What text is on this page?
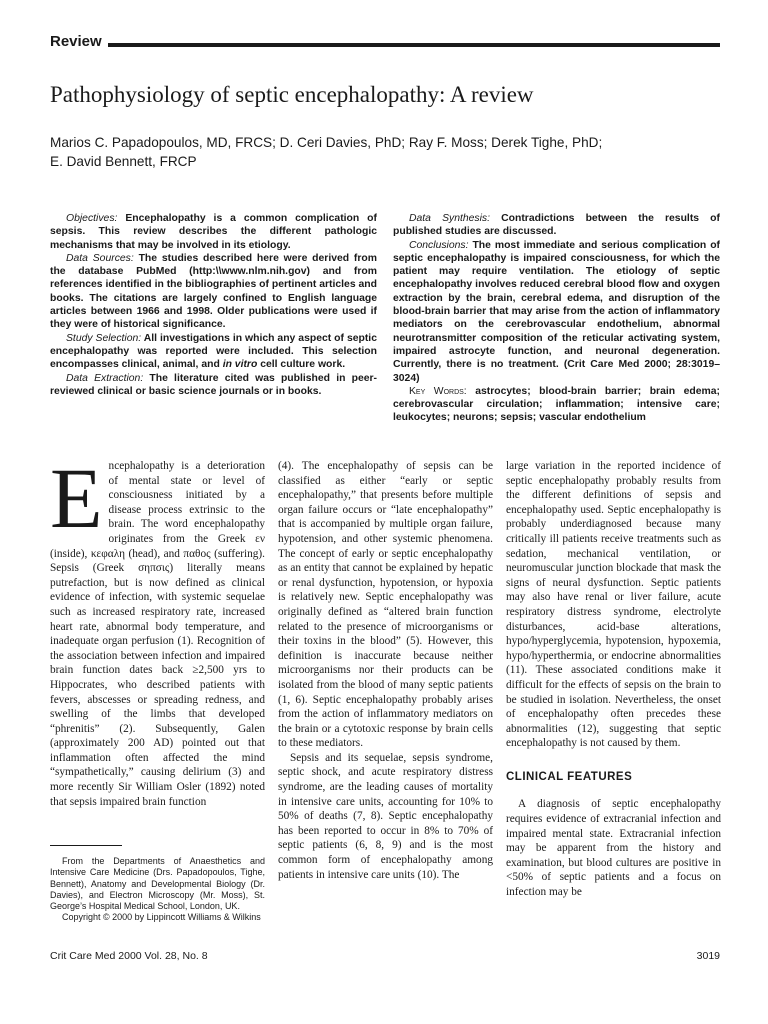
Review
Pathophysiology of septic encephalopathy: A review
Marios C. Papadopoulos, MD, FRCS; D. Ceri Davies, PhD; Ray F. Moss; Derek Tighe, PhD;
E. David Bennett, FRCP

Objectives: Encephalopathy is a common complication of sepsis. This review describes the different pathologic mechanisms that may be involved in its etiology.

Data Sources: The studies described here were derived from the database PubMed (http:\\www.nlm.nih.gov) and from references identified in the bibliographies of pertinent articles and books. The citations are largely confined to English language articles between 1966 and 1998. Older publications were used if they were of historical significance.

Study Selection: All investigations in which any aspect of septic encephalopathy was reported were included. This selection encompasses clinical, animal, and in vitro cell culture work.

Data Extraction: The literature cited was published in peer-reviewed clinical or basic science journals or in books.

Data Synthesis: Contradictions between the results of published studies are discussed.

Conclusions: The most immediate and serious complication of septic encephalopathy is impaired consciousness, for which the patient may require ventilation. The etiology of septic encephalopathy involves reduced cerebral blood flow and oxygen extraction by the brain, cerebral edema, and disruption of the blood-brain barrier that may arise from the action of inflammatory mediators on the cerebrovascular endothelium, abnormal neurotransmitter composition of the reticular activating system, impaired astrocyte function, and neuronal degeneration. Currently, there is no treatment. (Crit Care Med 2000; 28:3019–3024)

Key Words: astrocytes; blood-brain barrier; brain edema; cerebrovascular circulation; inflammation; intensive care; leukocytes; neurons; sepsis; vascular endothelium

Encephalopathy is a deterioration of mental state or level of consciousness initiated by a disease process extrinsic to the brain. The word encephalopathy originates from the Greek εν (inside), κεφαλη (head), and παθος (suffering). Sepsis (Greek σηπσις) literally means putrefaction, but is now defined as clinical evidence of infection, with systemic sequelae such as increased respiratory rate, increased heart rate, abnormal body temperature, and inadequate organ perfusion (1). Recognition of the association between infection and impaired brain function dates back ≥2,500 yrs to Hippocrates, who described patients with fevers, abscesses or spreading redness, and swelling of the limbs that developed “phrenitis” (2). Subsequently, Galen (approximately 200 AD) pointed out that inflammation often affected the mind “sympathetically,” causing delirium (3) and more recently Sir William Osler (1892) noted that sepsis impaired brain function

(4). The encephalopathy of sepsis can be classified as either “early or septic encephalopathy,” that presents before multiple organ failure occurs or “late encephalopathy” that is accompanied by multiple organ failure, hypotension, and other systemic phenomena. The concept of early or septic encephalopathy as an entity that cannot be explained by hepatic or renal dysfunction, hypotension, or hypoxia is relatively new. Septic encephalopathy was originally defined as “altered brain function related to the presence of microorganisms or their toxins in the blood” (5). However, this definition is inaccurate because neither microorganisms nor their products can be isolated from the blood of many septic patients (1, 6). Septic encephalopathy probably arises from the action of inflammatory mediators on the brain or a cytotoxic response by brain cells to these mediators.

Sepsis and its sequelae, sepsis syndrome, septic shock, and acute respiratory distress syndrome, are the leading causes of mortality in intensive care units, accounting for 10% to 50% of deaths (7, 8). Septic encephalopathy has been reported to occur in 8% to 70% of septic patients (6, 8, 9) and is the most common form of encephalopathy among patients in intensive care units (10). The

large variation in the reported incidence of septic encephalopathy probably results from the different definitions of sepsis and encephalopathy used. Septic encephalopathy is probably underdiagnosed because many critically ill patients receive treatments such as sedation, mechanical ventilation, or neuromuscular junction blockade that mask the signs of neural dysfunction. Septic patients may also have renal or liver failure, acute respiratory distress syndrome, electrolyte disturbances, acid-base alterations, hypo/hyperglycemia, hypotension, hypoxemia, hypo/hyperthermia, or endocrine abnormalities (11). These associated conditions make it difficult for the effects of sepsis on the brain to be studied in isolation. Nevertheless, the onset of encephalopathy often precedes these abnormalities (12), suggesting that septic encephalopathy is not caused by them.

CLINICAL FEATURES

A diagnosis of septic encephalopathy requires evidence of extracranial infection and impaired mental state. Extracranial infection may be apparent from the history and examination, but blood cultures are positive in <50% of septic patients and a focus on infection may be

From the Departments of Anaesthetics and Intensive Care Medicine (Drs. Papadopoulos, Tighe, Bennett), Anatomy and Developmental Biology (Dr. Davies), and Electron Microscopy (Mr. Moss), St. George’s Hospital Medical School, London, UK.

Copyright © 2000 by Lippincott Williams & Wilkins

Crit Care Med 2000 Vol. 28, No. 8	3019
